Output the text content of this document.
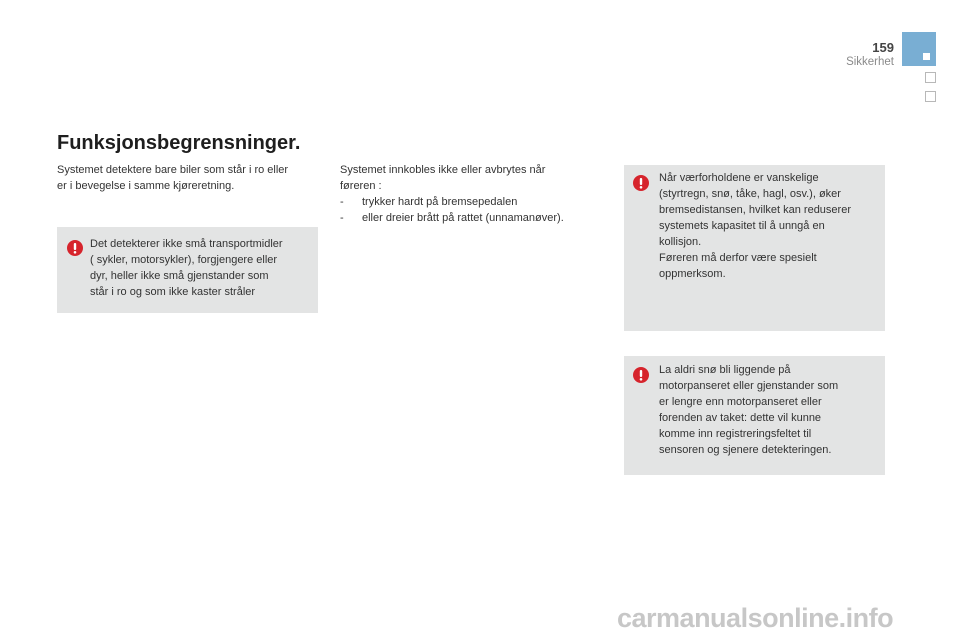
159
Sikkerhet
Funksjonsbegrensninger.
Systemet detektere bare biler som står i ro eller
er i bevegelse i samme kjøreretning.
Det detekterer ikke små transportmidler
( sykler, motorsykler), forgjengere eller
dyr, heller ikke små gjenstander som
står i ro og som ikke kaster stråler
Systemet innkobles ikke eller avbrytes når
føreren :
- trykker hardt på bremsepedalen
- eller dreier brått på rattet (unnamanøver).
Når værforholdene er vanskelige
(styrtregn, snø, tåke, hagl, osv.), øker
bremsedistansen, hvilket kan reduserer
systemets kapasitet til å unngå en
kollisjon.
Føreren må derfor være spesielt
oppmerksom.
La aldri snø bli liggende på
motorpanseret eller gjenstander som
er lengre enn motorpanseret eller
forenden av taket: dette vil kunne
komme inn registreringsfeltet til
sensoren og sjenere detekteringen.
carmanualsonline.info
